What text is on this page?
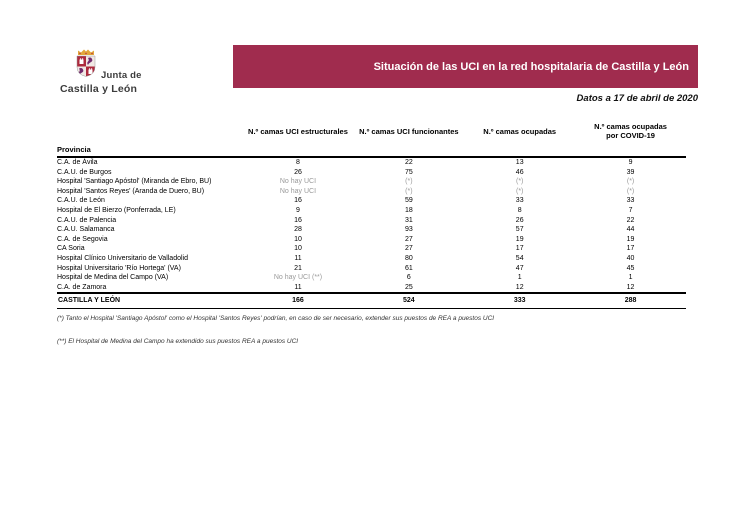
Junta de
Castilla y León
Situación de las UCI en la red hospitalaria de Castilla y León
Datos a 17 de abril de 2020

	N.º camas UCI estructurales	N.º camas UCI funcionantes	N.º camas ocupadas	N.º camas ocupadas
por COVID-19

Provincia				
C.A. de Ávila	8	22	13	9
C.A.U. de Burgos	26	75	46	39
Hospital 'Santiago Apóstol' (Miranda de Ebro, BU)	No hay UCI	(*)	(*)	(*)
Hospital 'Santos Reyes' (Aranda de Duero, BU)	No hay UCI	(*)	(*)	(*)
C.A.U. de León	16	59	33	33
Hospital de El Bierzo (Ponferrada, LE)	9	18	8	7
C.A.U. de Palencia	16	31	26	22
C.A.U. Salamanca	28	93	57	44
C.A. de Segovia	10	27	19	19
CA Soria	10	27	17	17
Hospital Clínico Universitario de Valladolid	11	80	54	40
Hospital Universitario 'Río Hortega' (VA)	21	61	47	45
Hospital de Medina del Campo (VA)	No hay UCI (**)	6	1	1
C.A. de Zamora	11	25	12	12
CASTILLA Y LEÓN	166	524	333	288
(*) Tanto el Hospital 'Santiago Apóstol' como el Hospital 'Santos Reyes' podrían, en caso de ser necesario, extender sus puestos de REA a puestos UCI
(**) El Hospital de Medina del Campo ha extendido sus puestos REA a puestos UCI
